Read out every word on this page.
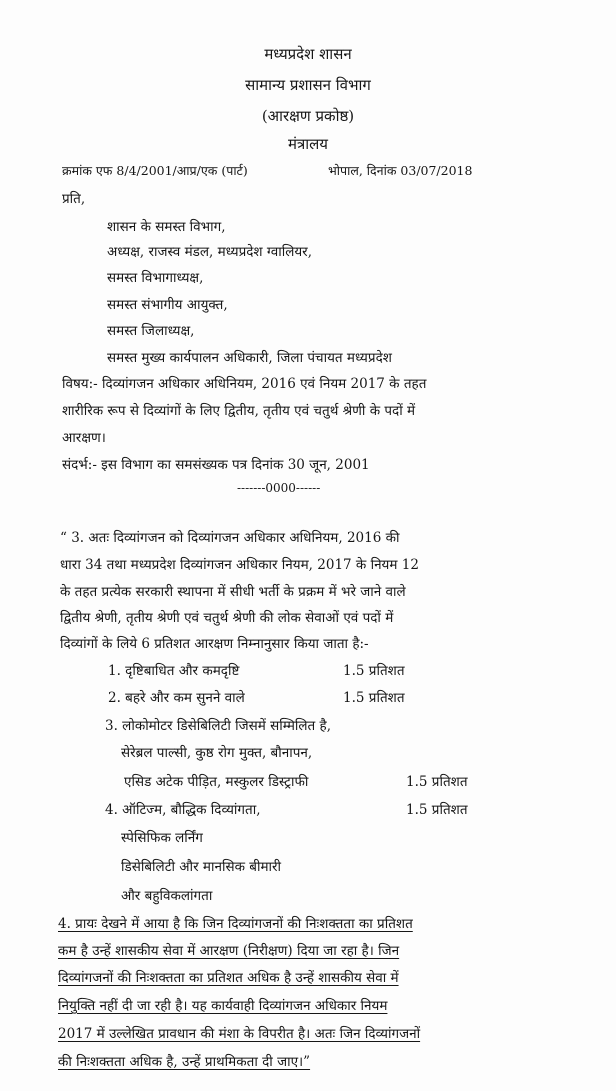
मध्यप्रदेश शासन
सामान्य प्रशासन विभाग
(आरक्षण प्रकोष्ठ)
मंत्रालय
क्रमांक एफ 8/4/2001/आप्र/एक (पार्ट)	भोपाल, दिनांक 03/07/2018
प्रति,
शासन के समस्त विभाग,
अध्यक्ष, राजस्व मंडल, मध्यप्रदेश ग्वालियर,
समस्त विभागाध्यक्ष,
समस्त संभागीय आयुक्त,
समस्त जिलाध्यक्ष,
समस्त मुख्य कार्यपालन अधिकारी, जिला पंचायत मध्यप्रदेश
विषय:- दिव्यांगजन अधिकार अधिनियम, 2016 एवं नियम 2017 के तहत
शारीरिक रूप से दिव्यांगों के लिए द्वितीय, तृतीय एवं चतुर्थ श्रेणी के पदों में
आरक्षण।
संदर्भ:- इस विभाग का समसंख्यक पत्र दिनांक 30 जून, 2001
-------0000------
“ 3. अतः दिव्यांगजन को दिव्यांगजन अधिकार अधिनियम, 2016 की
धारा 34 तथा मध्यप्रदेश दिव्यांगजन अधिकार नियम, 2017 के नियम 12
के तहत प्रत्येक सरकारी स्थापना में सीधी भर्ती के प्रक्रम में भरे जाने वाले
द्वितीय श्रेणी, तृतीय श्रेणी एवं चतुर्थ श्रेणी की लोक सेवाओं एवं पदों में
दिव्यांगों के लिये 6 प्रतिशत आरक्षण निम्नानुसार किया जाता है:-
1. दृष्टिबाधित और कमदृष्टि	1.5 प्रतिशत
2. बहरे और कम सुनने वाले	1.5 प्रतिशत
3. लोकोमोटर डिसेबिलिटी जिसमें सम्मिलित है,
सेरेब्रल पाल्सी, कुष्ठ रोग मुक्त, बौनापन,
एसिड अटेक पीड़ित, मस्कुलर डिस्ट्राफी	1.5 प्रतिशत
4. ऑटिज्म, बौद्धिक दिव्यांगता,	1.5 प्रतिशत
स्पेसिफिक लर्निंग
डिसेबिलिटी और मानसिक बीमारी
और बहुविकलांगता
4. प्रायः देखने में आया है कि जिन दिव्यांगजनों की निःशक्तता का प्रतिशत
कम है उन्हें शासकीय सेवा में आरक्षण (निरीक्षण) दिया जा रहा है। जिन
दिव्यांगजनों की निःशक्तता का प्रतिशत अधिक है उन्हें शासकीय सेवा में
नियुक्ति नहीं दी जा रही है। यह कार्यवाही दिव्यांगजन अधिकार नियम
2017 में उल्लेखित प्रावधान की मंशा के विपरीत है। अतः जिन दिव्यांगजनों
की निःशक्तता अधिक है, उन्हें प्राथमिकता दी जाए।”
